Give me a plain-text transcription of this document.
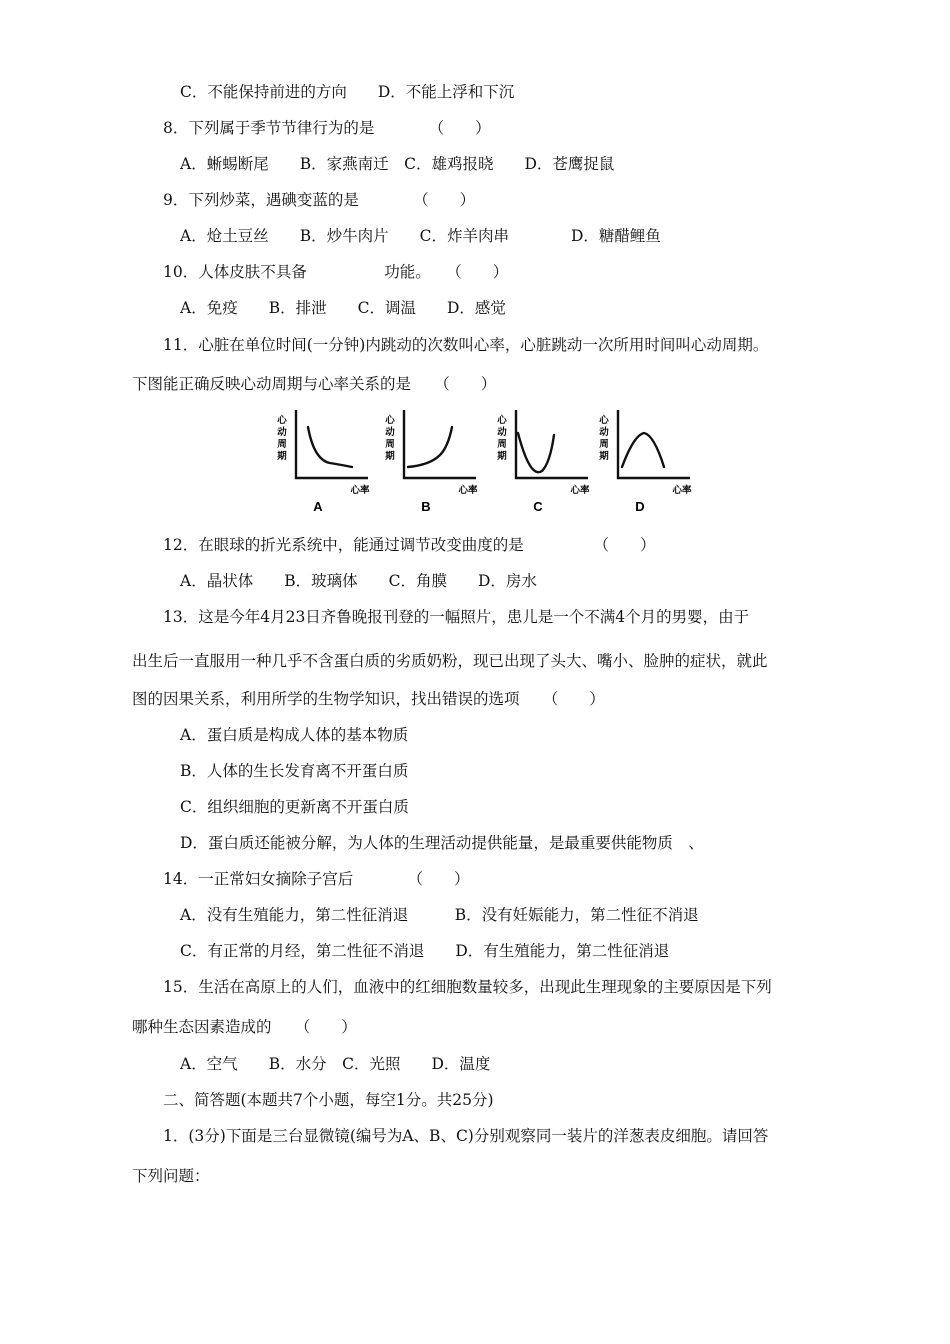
C．不能保持前进的方向　　D．不能上浮和下沉
8．下列属于季节节律行为的是　　　　（　　）
A．蜥蜴断尾　　B．家燕南迁　C．雄鸡报晓　　D．苍鹰捉鼠
9．下列炒菜，遇碘变蓝的是　　　　（　　）
A．炝土豆丝　　B．炒牛肉片　　C．炸羊肉串　　　　D．糖醋鲤鱼
10．人体皮肤不具备　　　　　功能。　　（　　）
A．免疫　　B．排泄　　C．调温　　D．感觉
11．心脏在单位时间(一分钟)内跳动的次数叫心率，心脏跳动一次所用时间叫心动周期。
下图能正确反映心动周期与心率关系的是　　（　　）
心
动
周
期
心率
A
心
动
周
期
心率
B
心
动
周
期
心率
C
心
动
周
期
心率
D
12．在眼球的折光系统中，能通过调节改变曲度的是　　　　　（　　）
A．晶状体　　B．玻璃体　　C．角膜　　D．房水
13．这是今年4月23日齐鲁晚报刊登的一幅照片，患儿是一个不满4个月的男婴，由于
出生后一直服用一种几乎不含蛋白质的劣质奶粉，现已出现了头大、嘴小、脸肿的症状，就此
图的因果关系，利用所学的生物学知识，找出错误的选项　　（　　）
A．蛋白质是构成人体的基本物质
B．人体的生长发育离不开蛋白质
C．组织细胞的更新离不开蛋白质
D．蛋白质还能被分解，为人体的生理活动提供能量，是最重要供能物质　、
14．一正常妇女摘除子宫后　　　　（　　）
A．没有生殖能力，第二性征消退　　　B．没有妊娠能力，第二性征不消退
C．有正常的月经，第二性征不消退　　D．有生殖能力，第二性征消退
15．生活在高原上的人们，血液中的红细胞数量较多，出现此生理现象的主要原因是下列
哪种生态因素造成的　　（　　）
A．空气　　B．水分　C．光照　　D．温度
二、简答题(本题共7个小题，每空1分。共25分)
1．(3分)下面是三台显微镜(编号为A、B、C)分别观察同一装片的洋葱表皮细胞。请回答
下列问题：
